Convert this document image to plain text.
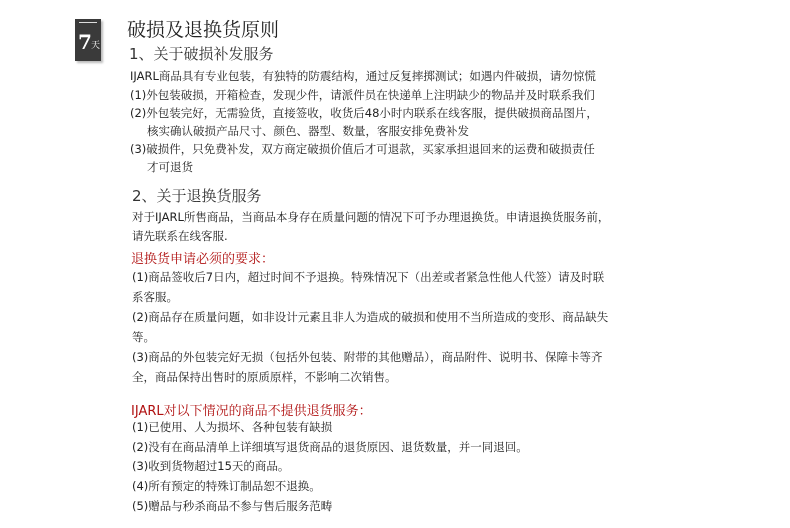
7 天
破损及退换货原则
1、关于破损补发服务
IJARL商品具有专业包装，有独特的防震结构，通过反复摔掷测试；如遇内件破损，请勿惊慌
(1)外包装破损，开箱检查，发现少件，请派件员在快递单上注明缺少的物品并及时联系我们
(2)外包装完好，无需验货，直接签收，收货后48小时内联系在线客服，提供破损商品图片，
核实确认破损产品尺寸、颜色、器型、数量，客服安排免费补发
(3)破损件，只免费补发，双方商定破损价值后才可退款，买家承担退回来的运费和破损责任
才可退货
2、关于退换货服务
对于IJARL所售商品，当商品本身存在质量问题的情况下可予办理退换货。申请退换货服务前，
请先联系在线客服.
退换货申请必须的要求：
(1)商品签收后7日内，超过时间不予退换。特殊情况下（出差或者紧急性他人代签）请及时联
系客服。
(2)商品存在质量问题，如非设计元素且非人为造成的破损和使用不当所造成的变形、商品缺失
等。
(3)商品的外包装完好无损（包括外包装、附带的其他赠品），商品附件、说明书、保障卡等齐
全，商品保持出售时的原质原样，不影响二次销售。
IJARL对以下情况的商品不提供退货服务：
(1)已使用、人为损坏、各种包装有缺损
(2)没有在商品清单上详细填写退货商品的退货原因、退货数量，并一同退回。
(3)收到货物超过15天的商品。
(4)所有预定的特殊订制品恕不退换。
(5)赠品与秒杀商品不参与售后服务范畴
